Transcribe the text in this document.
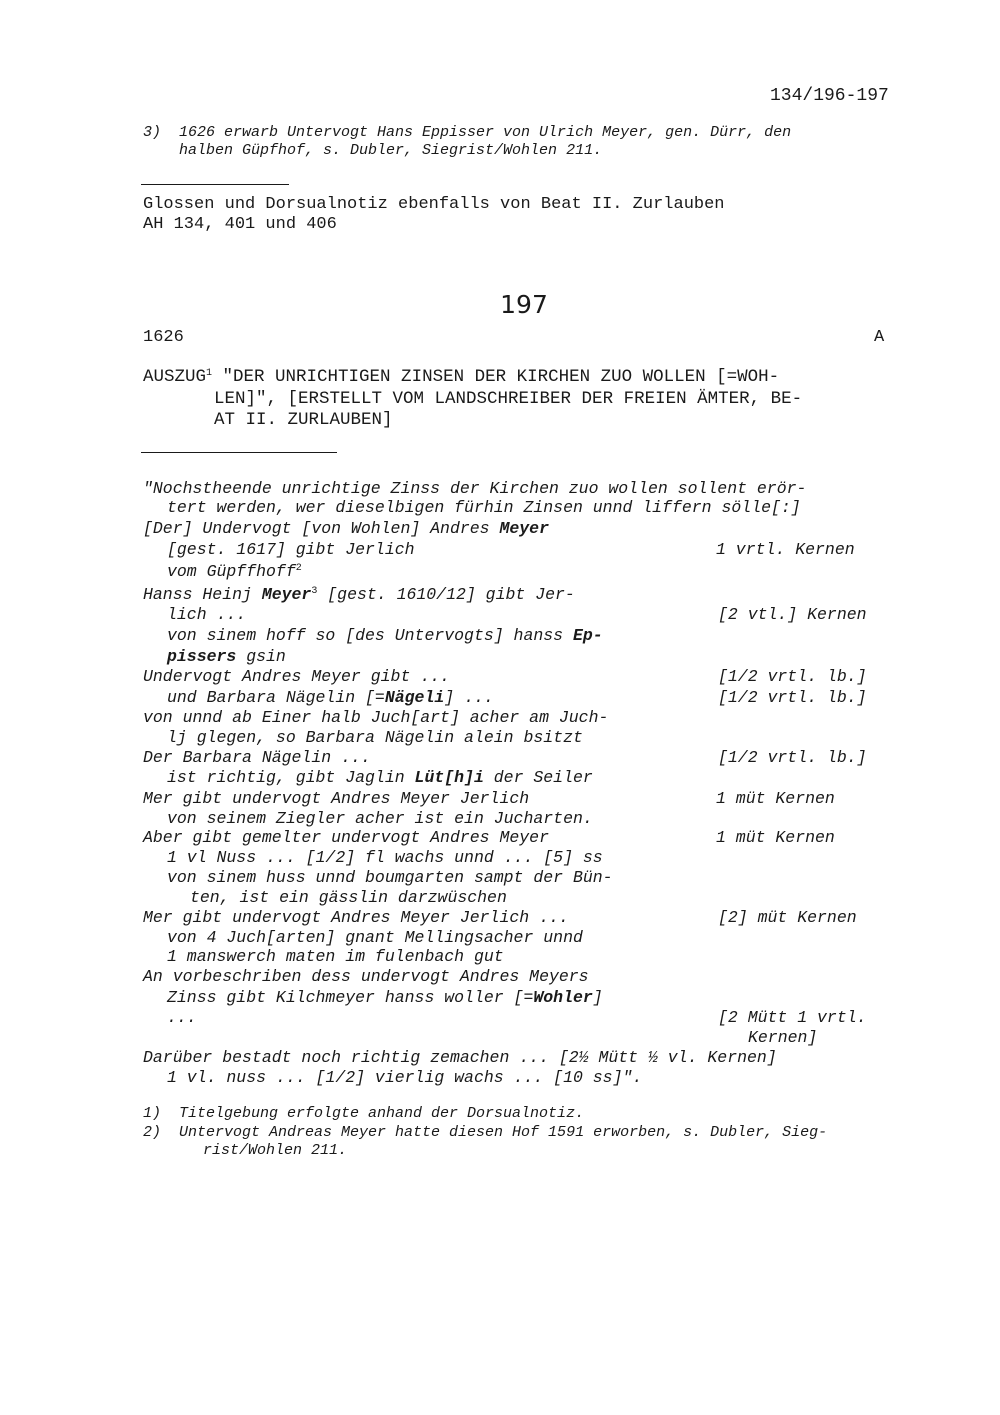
134/196-197
3) 1626 erwarb Untervogt Hans Eppisser von Ulrich Meyer, gen. Dürr, den
halben Güpfhof, s. Dubler, Siegrist/Wohlen 211.
Glossen und Dorsualnotiz ebenfalls von Beat II. Zurlauben
AH 134, 401 und 406
197
1626	A
AUSZUG$^1$ "DER UNRICHTIGEN ZINSEN DER KIRCHEN ZUO WOLLEN [=WOH-
LEN]", [ERSTELLT VOM LANDSCHREIBER DER FREIEN ÄMTER, BE-
AT II. ZURLAUBEN]
"Nochstheende unrichtige Zinss der Kirchen zuo wollen sollent erör-
tert werden, wer dieselbigen fürhin Zinsen unnd liffern sölle[:]
[Der] Undervogt [von Wohlen] Andres Meyer
[gest. 1617] gibt Jerlich	1 vrtl. Kernen
vom Güpffhoff$^2$
Hanss Heinj Meyer$^3$ [gest. 1610/12] gibt Jer-
lich ...	[2 vtl.] Kernen
von sinem hoff so [des Untervogts] hanss Ep-
pissers gsin
Undervogt Andres Meyer gibt ...	[1/2 vrtl. lb.]
und Barbara Nägelin [=Nägeli] ...	[1/2 vrtl. lb.]
von unnd ab Einer halb Juch[art] acher am Juch-
lj glegen, so Barbara Nägelin alein bsitzt
Der Barbara Nägelin ...	[1/2 vrtl. lb.]
ist richtig, gibt Jaglin Lüt[h]i der Seiler
Mer gibt undervogt Andres Meyer Jerlich	1 müt Kernen
von seinem Ziegler acher ist ein Jucharten.
Aber gibt gemelter undervogt Andres Meyer	1 müt Kernen
1 vl Nuss ... [1/2] fl wachs unnd ... [5] ss
von sinem huss unnd boumgarten sampt der Bün-
ten, ist ein gässlin darzwüschen
Mer gibt undervogt Andres Meyer Jerlich ...	[2] müt Kernen
von 4 Juch[arten] gnant Mellingsacher unnd
1 manswerch maten im fulenbach gut
An vorbeschriben dess undervogt Andres Meyers
Zinss gibt Kilchmeyer hanss woller [=Wohler]
...	[2 Mütt 1 vrtl.
Kernen]
Darüber bestadt noch richtig zemachen ... [2½ Mütt ½ vl. Kernen]
1 vl. nuss ... [1/2] vierlig wachs ... [10 ss]".
1) Titelgebung erfolgte anhand der Dorsualnotiz.
2) Untervogt Andreas Meyer hatte diesen Hof 1591 erworben, s. Dubler, Sieg-
rist/Wohlen 211.
